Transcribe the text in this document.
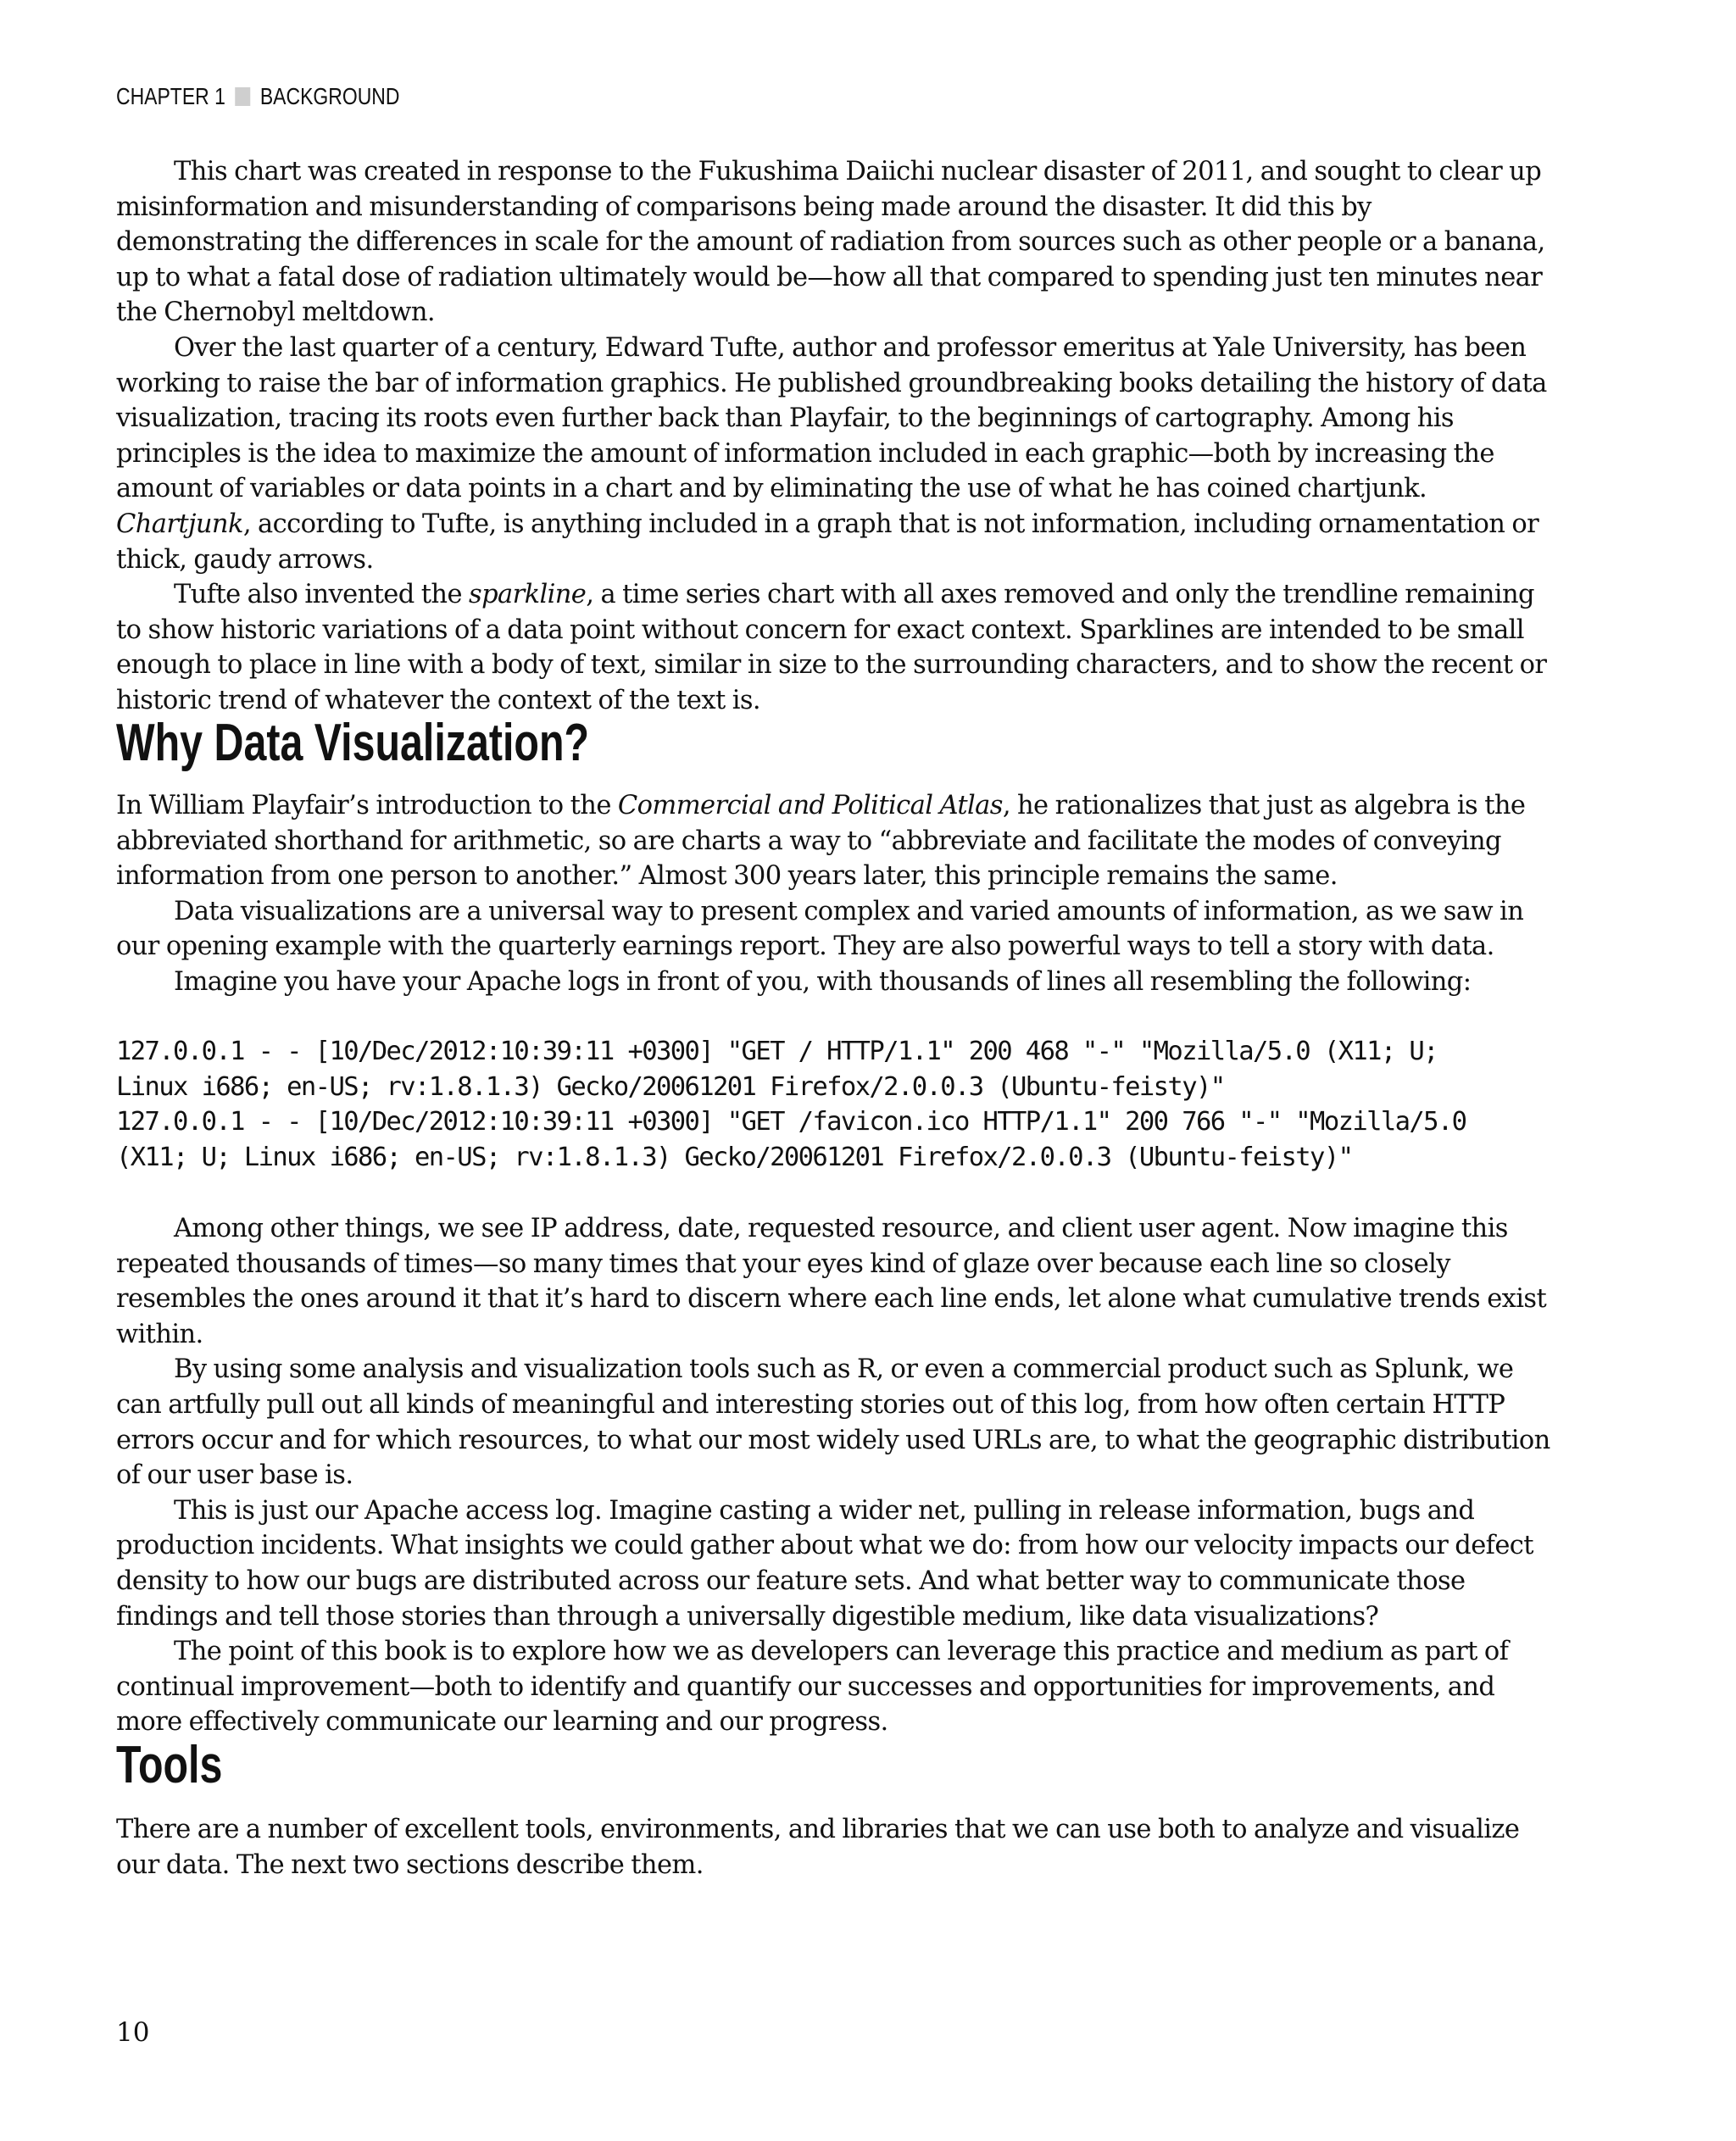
CHAPTER 1 BACKGROUND

This chart was created in response to the Fukushima Daiichi nuclear disaster of 2011, and sought to clear up misinformation and misunderstanding of comparisons being made around the disaster. It did this by demonstrating the differences in scale for the amount of radiation from sources such as other people or a banana, up to what a fatal dose of radiation ultimately would be—how all that compared to spending just ten minutes near the Chernobyl meltdown.

Over the last quarter of a century, Edward Tufte, author and professor emeritus at Yale University, has been working to raise the bar of information graphics. He published groundbreaking books detailing the history of data visualization, tracing its roots even further back than Playfair, to the beginnings of cartography. Among his principles is the idea to maximize the amount of information included in each graphic—both by increasing the amount of variables or data points in a chart and by eliminating the use of what he has coined chartjunk. Chartjunk, according to Tufte, is anything included in a graph that is not information, including ornamentation or thick, gaudy arrows.

Tufte also invented the sparkline, a time series chart with all axes removed and only the trendline remaining to show historic variations of a data point without concern for exact context. Sparklines are intended to be small enough to place in line with a body of text, similar in size to the surrounding characters, and to show the recent or historic trend of whatever the context of the text is.

Why Data Visualization?

In William Playfair’s introduction to the Commercial and Political Atlas, he rationalizes that just as algebra is the abbreviated shorthand for arithmetic, so are charts a way to “abbreviate and facilitate the modes of conveying information from one person to another.” Almost 300 years later, this principle remains the same.

Data visualizations are a universal way to present complex and varied amounts of information, as we saw in our opening example with the quarterly earnings report. They are also powerful ways to tell a story with data.

Imagine you have your Apache logs in front of you, with thousands of lines all resembling the following:

127.0.0.1 - - [10/Dec/2012:10:39:11 +0300] "GET / HTTP/1.1" 200 468 "-" "Mozilla/5.0 (X11; U;
Linux i686; en-US; rv:1.8.1.3) Gecko/20061201 Firefox/2.0.0.3 (Ubuntu-feisty)"
127.0.0.1 - - [10/Dec/2012:10:39:11 +0300] "GET /favicon.ico HTTP/1.1" 200 766 "-" "Mozilla/5.0
(X11; U; Linux i686; en-US; rv:1.8.1.3) Gecko/20061201 Firefox/2.0.0.3 (Ubuntu-feisty)"

Among other things, we see IP address, date, requested resource, and client user agent. Now imagine this repeated thousands of times—so many times that your eyes kind of glaze over because each line so closely resembles the ones around it that it’s hard to discern where each line ends, let alone what cumulative trends exist within.

By using some analysis and visualization tools such as R, or even a commercial product such as Splunk, we can artfully pull out all kinds of meaningful and interesting stories out of this log, from how often certain HTTP errors occur and for which resources, to what our most widely used URLs are, to what the geographic distribution of our user base is.

This is just our Apache access log. Imagine casting a wider net, pulling in release information, bugs and production incidents. What insights we could gather about what we do: from how our velocity impacts our defect density to how our bugs are distributed across our feature sets. And what better way to communicate those findings and tell those stories than through a universally digestible medium, like data visualizations?

The point of this book is to explore how we as developers can leverage this practice and medium as part of continual improvement—both to identify and quantify our successes and opportunities for improvements, and more effectively communicate our learning and our progress.

Tools

There are a number of excellent tools, environments, and libraries that we can use both to analyze and visualize our data. The next two sections describe them.

10
